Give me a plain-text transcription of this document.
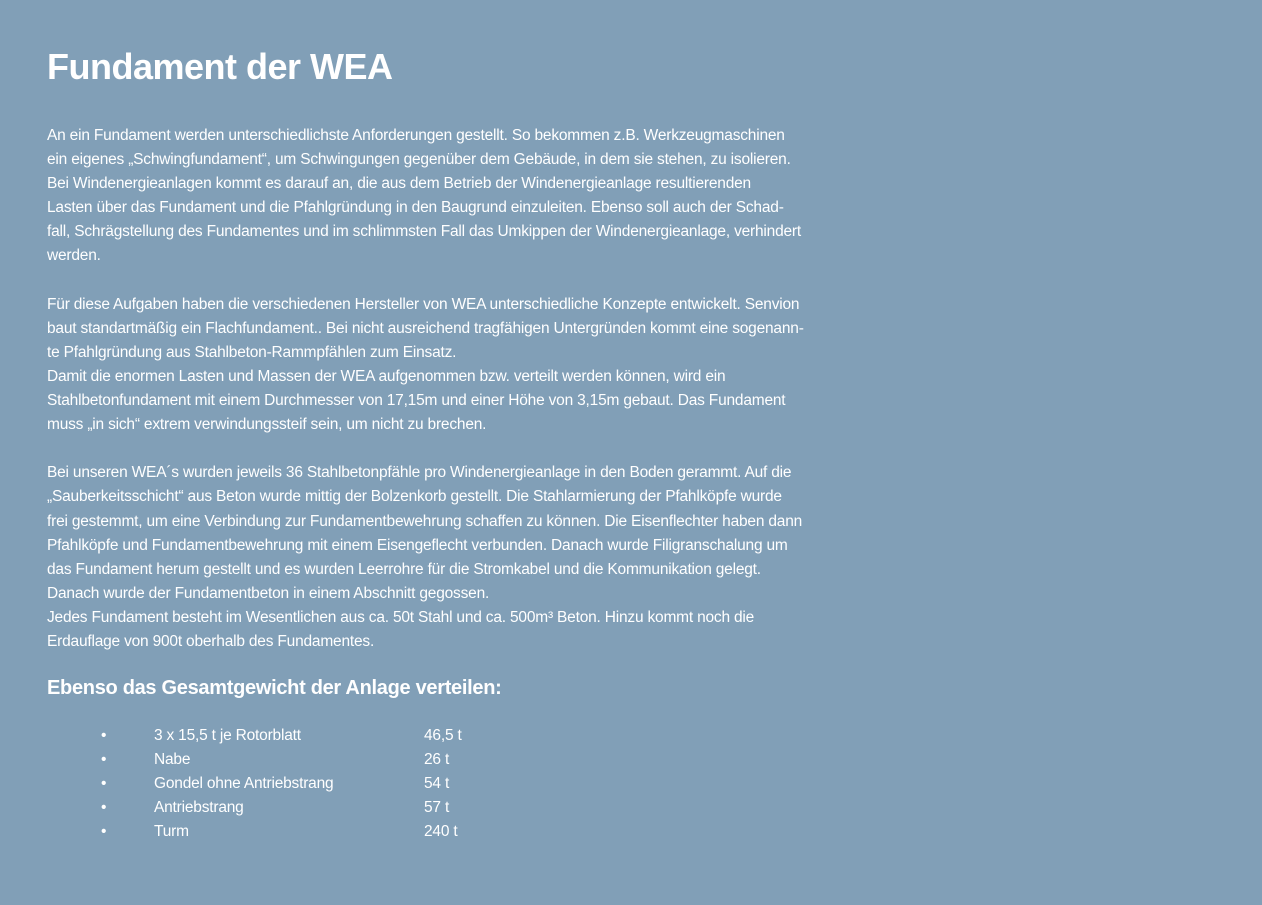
Fundament der WEA

An ein Fundament werden unterschiedlichste Anforderungen gestellt. So bekommen z.B. Werkzeugmaschinen
ein eigenes „Schwingfundament“, um Schwingungen gegenüber dem Gebäude, in dem sie stehen, zu isolieren.
Bei Windenergieanlagen kommt es darauf an, die aus dem Betrieb der Windenergieanlage resultierenden
Lasten über das Fundament und die Pfahlgründung in den Baugrund einzuleiten. Ebenso soll auch der Schad-
fall, Schrägstellung des Fundamentes und im schlimmsten Fall das Umkippen der Windenergieanlage, verhindert
werden.

Für diese Aufgaben haben die verschiedenen Hersteller von WEA unterschiedliche Konzepte entwickelt. Senvion
baut standartmäßig ein Flachfundament.. Bei nicht ausreichend tragfähigen Untergründen kommt eine sogenann-
te Pfahlgründung aus Stahlbeton-Rammpfählen zum Einsatz.
Damit die enormen Lasten und Massen der WEA aufgenommen bzw. verteilt werden können, wird ein
Stahlbetonfundament mit einem Durchmesser von 17,15m und einer Höhe von 3,15m gebaut. Das Fundament
muss „in sich“ extrem verwindungssteif sein, um nicht zu brechen.

Bei unseren WEA´s wurden jeweils 36 Stahlbetonpfähle pro Windenergieanlage in den Boden gerammt. Auf die
„Sauberkeitsschicht“ aus Beton wurde mittig der Bolzenkorb gestellt. Die Stahlarmierung der Pfahlköpfe wurde
frei gestemmt, um eine Verbindung zur Fundamentbewehrung schaffen zu können. Die Eisenflechter haben dann
Pfahlköpfe und Fundamentbewehrung mit einem Eisengeflecht verbunden. Danach wurde Filigranschalung um
das Fundament herum gestellt und es wurden Leerrohre für die Stromkabel und die Kommunikation gelegt.
Danach wurde der Fundamentbeton in einem Abschnitt gegossen.
Jedes Fundament besteht im Wesentlichen aus ca. 50t Stahl und ca. 500m³ Beton. Hinzu kommt noch die
Erdauflage von 900t oberhalb des Fundamentes.

Ebenso das Gesamtgewicht der Anlage verteilen:
•	3 x 15,5 t je Rotorblatt	46,5 t
•	Nabe	26 t
•	Gondel ohne Antriebstrang	54 t
•	Antriebstrang	57 t
•	Turm	240 t
